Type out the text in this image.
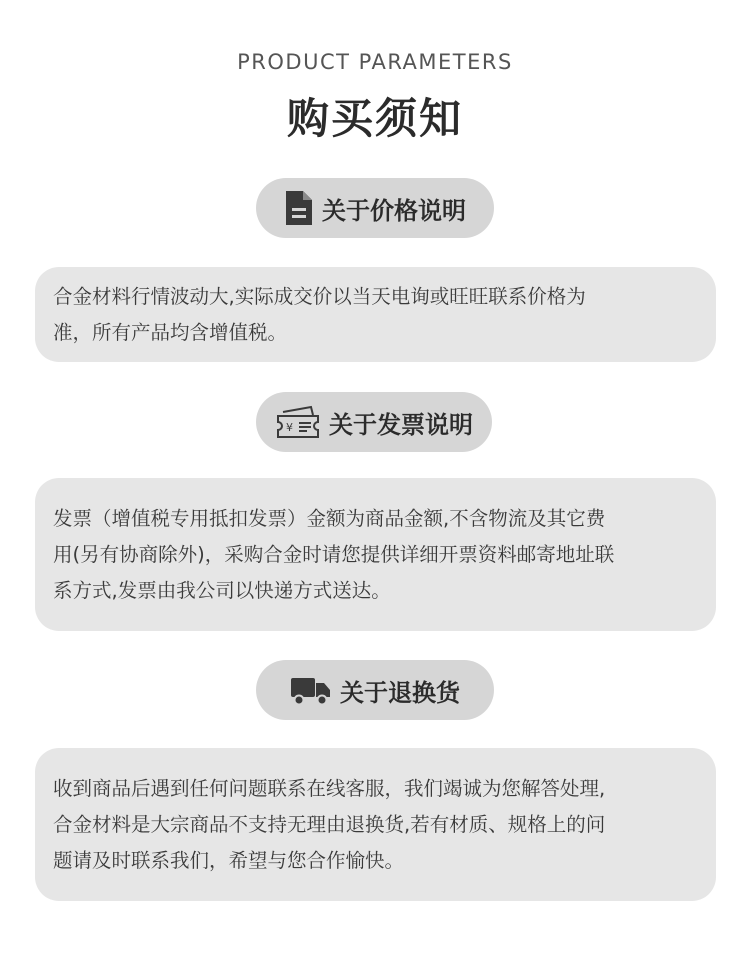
PRODUCT PARAMETERS
购买须知
关于价格说明

合金材料行情波动大,实际成交价以当天电询或旺旺联系价格为

准，所有产品均含增值税。

¥ 关于发票说明

发票（增值税专用抵扣发票）金额为商品金额,不含物流及其它费

用(另有协商除外)，采购合金时请您提供详细开票资料邮寄地址联

系方式,发票由我公司以快递方式送达。

关于退换货

收到商品后遇到任何问题联系在线客服，我们竭诚为您解答处理,

合金材料是大宗商品不支持无理由退换货,若有材质、规格上的问

题请及时联系我们，希望与您合作愉快。
